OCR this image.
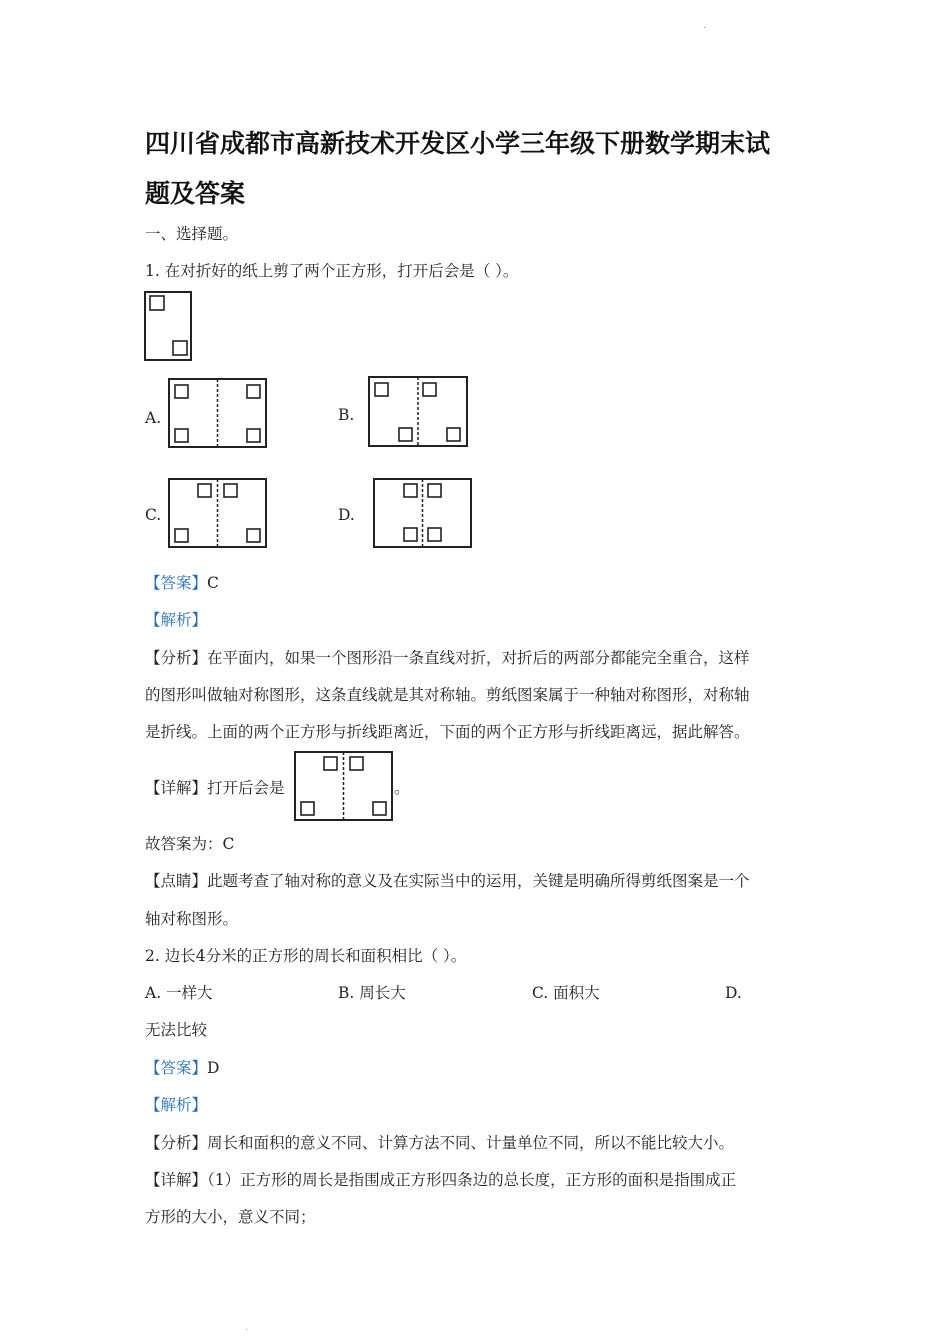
.
四川省成都市高新技术开发区小学三年级下册数学期末试
题及答案
一、选择题。
1. 在对折好的纸上剪了两个正方形，打开后会是（ ）。
A.	B.
C.	D.
【答案】C
【解析】
【分析】在平面内，如果一个图形沿一条直线对折，对折后的两部分都能完全重合，这样
的图形叫做轴对称图形，这条直线就是其对称轴。剪纸图案属于一种轴对称图形，对称轴
是折线。上面的两个正方形与折线距离近，下面的两个正方形与折线距离远，据此解答。
【详解】打开后会是	。
故答案为：C
【点睛】此题考查了轴对称的意义及在实际当中的运用，关键是明确所得剪纸图案是一个
轴对称图形。
2. 边长4分米的正方形的周长和面积相比（ ）。
A. 一样大	B. 周长大	C. 面积大	D.
无法比较
【答案】D
【解析】
【分析】周长和面积的意义不同、计算方法不同、计量单位不同，所以不能比较大小。
【详解】（1）正方形的周长是指围成正方形四条边的总长度，正方形的面积是指围成正
方形的大小，意义不同；
.
